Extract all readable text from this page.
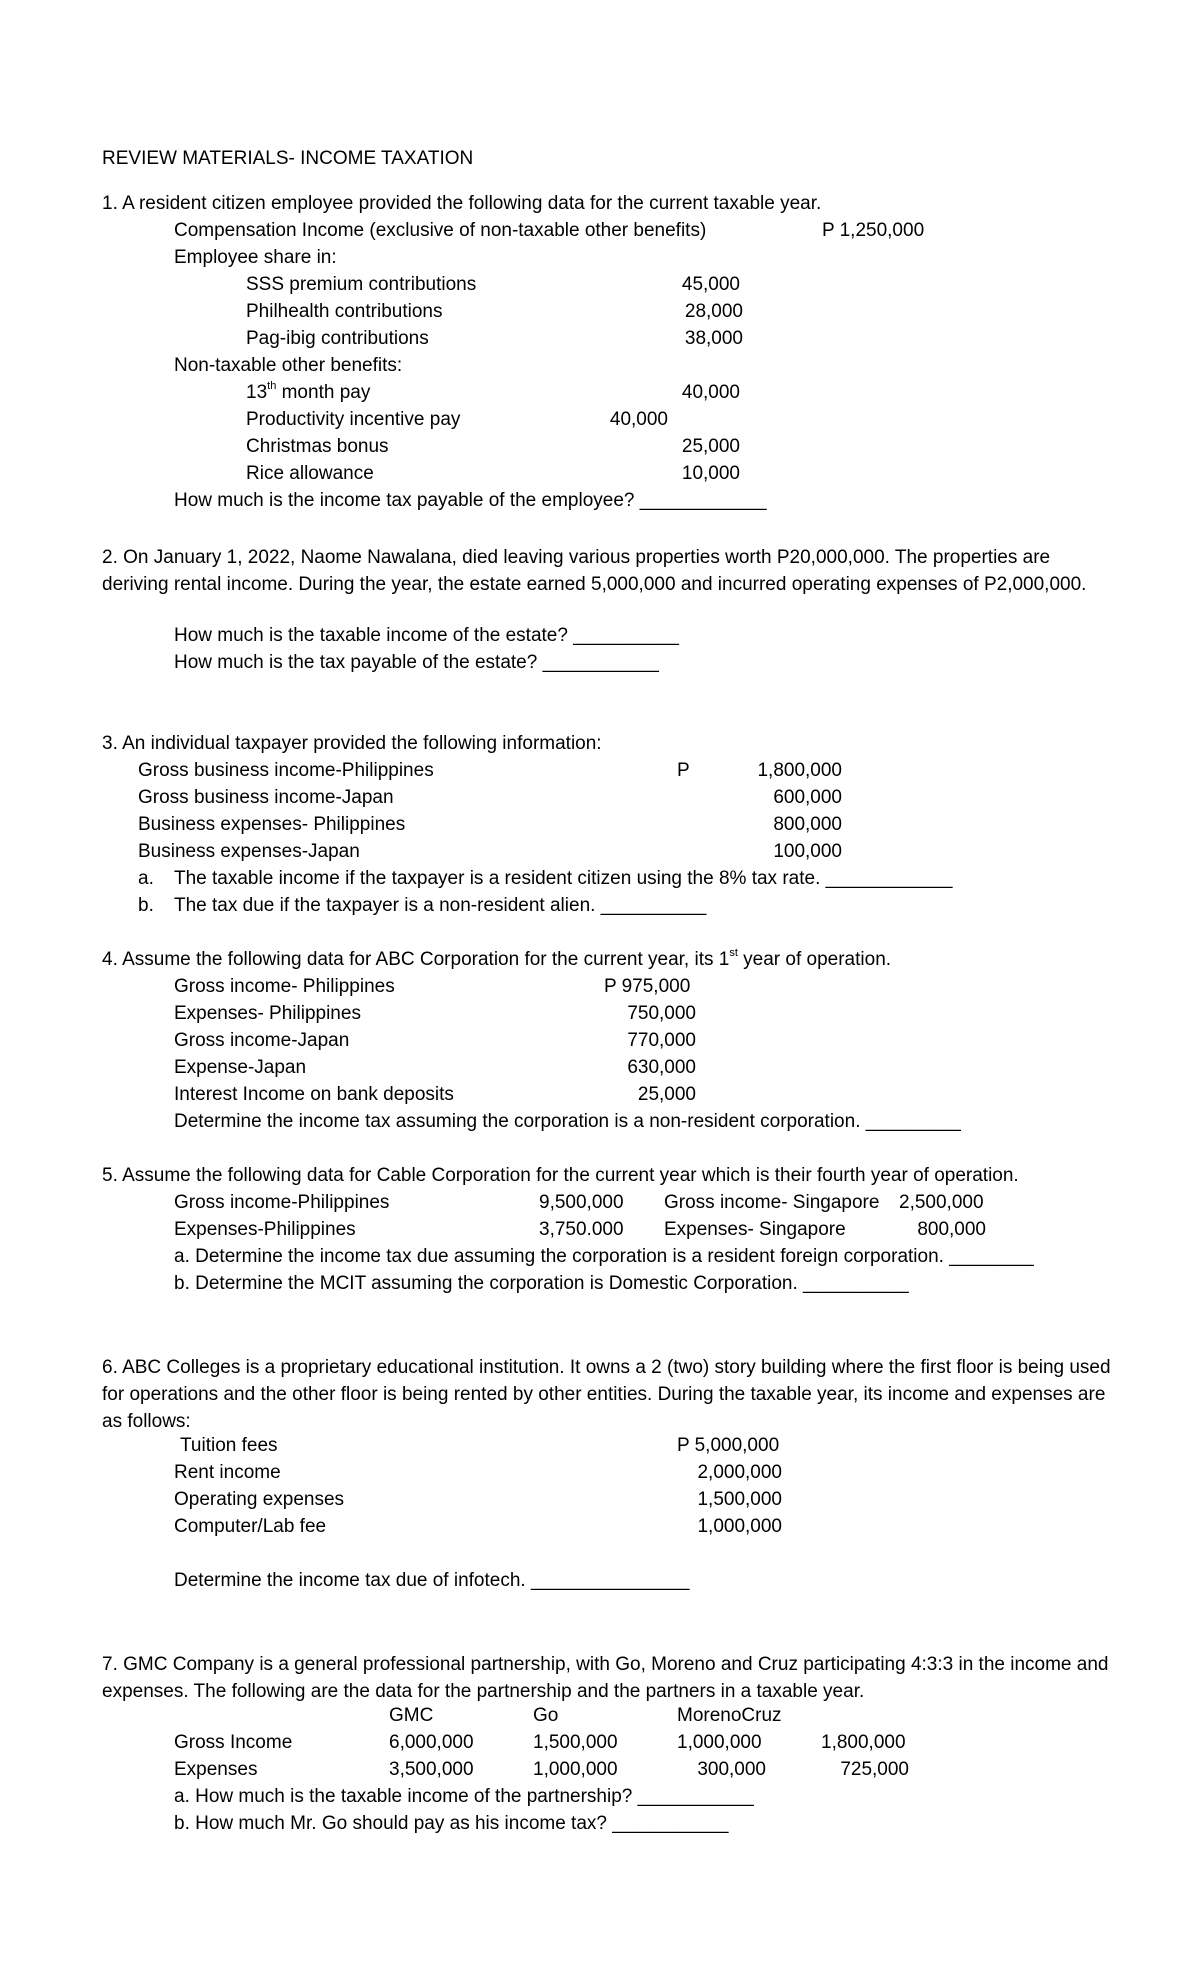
REVIEW MATERIALS- INCOME TAXATION
1. A resident citizen employee provided the following data for the current taxable year.
Compensation Income (exclusive of non-taxable other benefits)	P 1,250,000
Employee share in:
SSS premium contributions	45,000
Philhealth contributions	28,000
Pag-ibig contributions	38,000
Non-taxable other benefits:
13th month pay	40,000
Productivity incentive pay	40,000
Christmas bonus	25,000
Rice allowance	10,000
How much is the income tax payable of the employee? ____________
2. On January 1, 2022, Naome Nawalana, died leaving various properties worth P20,000,000. The properties are deriving rental income. During the year, the estate earned 5,000,000 and incurred operating expenses of P2,000,000.
How much is the taxable income of the estate? __________
How much is the tax payable of the estate? ___________
3. An individual taxpayer provided the following information:
Gross business income-Philippines	P	1,800,000
Gross business income-Japan	600,000
Business expenses- Philippines	800,000
Business expenses-Japan	100,000
a. The taxable income if the taxpayer is a resident citizen using the 8% tax rate. ____________
b. The tax due if the taxpayer is a non-resident alien. __________
4. Assume the following data for ABC Corporation for the current year, its 1st year of operation.
Gross income- Philippines	P 975,000
Expenses- Philippines	750,000
Gross income-Japan	770,000
Expense-Japan	630,000
Interest Income on bank deposits	25,000
Determine the income tax assuming the corporation is a non-resident corporation. _________
5. Assume the following data for Cable Corporation for the current year which is their fourth year of operation.
Gross income-Philippines	9,500,000 Gross income- Singapore 2,500,000
Expenses-Philippines	3,750.000 Expenses- Singapore	800,000
a. Determine the income tax due assuming the corporation is a resident foreign corporation. ________
b. Determine the MCIT assuming the corporation is Domestic Corporation. __________
6. ABC Colleges is a proprietary educational institution. It owns a 2 (two) story building where the first floor is being used for operations and the other floor is being rented by other entities. During the taxable year, its income and expenses are as follows:
Tuition fees	P 5,000,000
Rent income	2,000,000
Operating expenses	1,500,000
Computer/Lab fee	1,000,000
Determine the income tax due of infotech. _______________
7. GMC Company is a general professional partnership, with Go, Moreno and Cruz participating 4:3:3 in the income and expenses. The following are the data for the partnership and the partners in a taxable year.
GMC	Go	MorenoCruz
Gross Income	6,000,000	1,500,000	1,000,000	1,800,000
Expenses	3,500,000	1,000,000	300,000	725,000
a. How much is the taxable income of the partnership? ___________
b. How much Mr. Go should pay as his income tax? ___________
